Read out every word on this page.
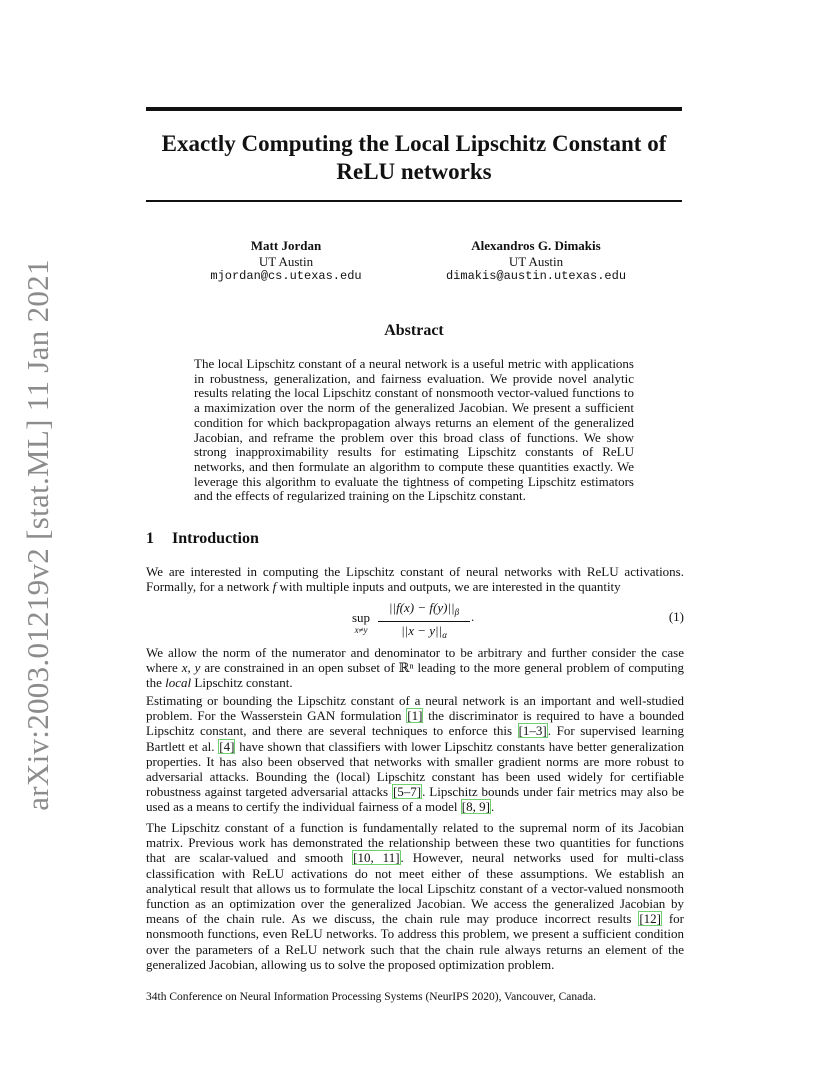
arXiv:2003.01219v2 [stat.ML] 11 Jan 2021
Exactly Computing the Local Lipschitz Constant of
ReLU networks
Matt Jordan
UT Austin
mjordan@cs.utexas.edu
Alexandros G. Dimakis
UT Austin
dimakis@austin.utexas.edu
Abstract

The local Lipschitz constant of a neural network is a useful metric with applications in robustness, generalization, and fairness evaluation. We provide novel analytic results relating the local Lipschitz constant of nonsmooth vector-valued functions to a maximization over the norm of the generalized Jacobian. We present a sufficient condition for which backpropagation always returns an element of the generalized Jacobian, and reframe the problem over this broad class of functions. We show strong inapproximability results for estimating Lipschitz constants of ReLU networks, and then formulate an algorithm to compute these quantities exactly. We leverage this algorithm to evaluate the tightness of competing Lipschitz estimators and the effects of regularized training on the Lipschitz constant.

1 Introduction

We are interested in computing the Lipschitz constant of neural networks with ReLU activations. Formally, for a network f with multiple inputs and outputs, we are interested in the quantity

sup
$x\ne y \frac{||f(x) - f(y)||_\beta}{||x - y||_\alpha}$ .	(1)

We allow the norm of the numerator and denominator to be arbitrary and further consider the case where x, y are constrained in an open subset of ℝⁿ leading to the more general problem of computing the local Lipschitz constant.

Estimating or bounding the Lipschitz constant of a neural network is an important and well-studied problem. For the Wasserstein GAN formulation [1] the discriminator is required to have a bounded Lipschitz constant, and there are several techniques to enforce this [1–3]. For supervised learning Bartlett et al. [4] have shown that classifiers with lower Lipschitz constants have better generalization properties. It has also been observed that networks with smaller gradient norms are more robust to adversarial attacks. Bounding the (local) Lipschitz constant has been used widely for certifiable robustness against targeted adversarial attacks [5–7]. Lipschitz bounds under fair metrics may also be used as a means to certify the individual fairness of a model [8, 9].

The Lipschitz constant of a function is fundamentally related to the supremal norm of its Jacobian matrix. Previous work has demonstrated the relationship between these two quantities for functions that are scalar-valued and smooth [10, 11]. However, neural networks used for multi-class classification with ReLU activations do not meet either of these assumptions. We establish an analytical result that allows us to formulate the local Lipschitz constant of a vector-valued nonsmooth function as an optimization over the generalized Jacobian. We access the generalized Jacobian by means of the chain rule. As we discuss, the chain rule may produce incorrect results [12] for nonsmooth functions, even ReLU networks. To address this problem, we present a sufficient condition over the parameters of a ReLU network such that the chain rule always returns an element of the generalized Jacobian, allowing us to solve the proposed optimization problem.

34th Conference on Neural Information Processing Systems (NeurIPS 2020), Vancouver, Canada.
